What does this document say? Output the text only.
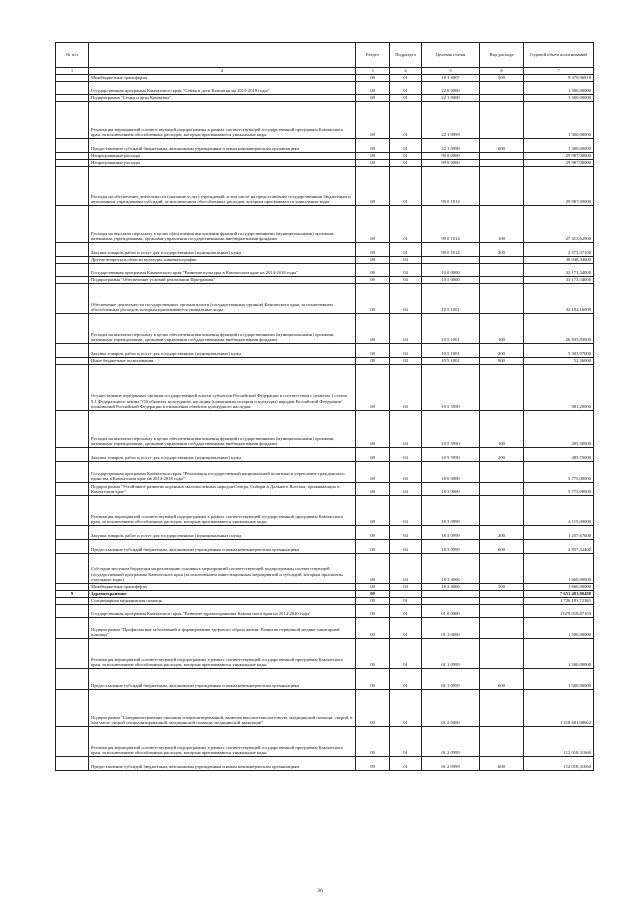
№ п/п		Раздел	Подраздел	Целевая статья	Вид расхода	Годовой объем ассигнований
1	2	3	4	5	6	7
	Межбюджетные трансферты	08	01	18 3 4007	500	9 379,96818
	Государственная программа Камчатского края "Семья и дети Камчатки на 2015-2018 годы"	08	01	22 0 0000		1 300,00000
	Подпрограмма "Семья и дети Камчатки"	08	01	22 1 0000		1 300,00000
	Реализация мероприятий соответствующей подпрограммы в рамках соответствующей государственной программы Камчатского края, за исключением обособленных расходов, которым присваиваются уникальные коды	08	01	22 1 0999		1 300,00000
	Предоставление субсидий бюджетным, автономным учреждениям и иным некоммерческим организациям	08	01	22 1 0999	600	1 300,00000
	Непрограммные расходы	08	01	99 0 0000		29 987,00000
	Непрограммные расходы	08	01	99 0 0000		29 987,00000
	Расходы на обеспечение деятельности (оказание услуг) учреждений, в том числе на предоставление государственным бюджетным и автономным учреждениям субсидий, за исключением обособленных расходов, которым присваиваются уникальные коды	08	01	99 0 1014		29 987,00000
	Расходы на выплаты персоналу в целях обеспечения выполнения функций государственными (муниципальными) органами, казенными учреждениями, органами управления государственными внебюджетными фондами	08	01	99 0 1014	100	27 413,62900
	Закупка товаров, работ и услуг для государственных (муниципальных) нужд	08	01	99 0 1014	200	2 573,37100
	Другие вопросы в области культуры, кинематографии	08	04			38 948,34000
	Государственная программа Камчатского края "Развитие культуры в Камчатском крае на 2014-2018 годы"	08	04	10 0 0000		33 173,34000
	Подпрограмма "Обеспечение условий реализации Программы"	08	04	10 5 0000		33 173,34000
	Обеспечение деятельности государственных органов власти (государственных органов) Камчатского края, за исключением обособленных расходов, которым присваиваются уникальные коды	08	04	10 5 1001		32 192,16000
	Расходы на выплаты персоналу в целях обеспечения выполнения функций государственными (муниципальными) органами, казенными учреждениями, органами управления государственными внебюджетными фондами	08	04	10 5 1001	100	26 835,83000
	Закупка товаров, работ и услуг для государственных (муниципальных) нужд	08	04	10 5 1001	200	5 303,97000
	Иные бюджетные ассигнования	08	04	10 5 1001	800	52,36000
	Осуществление переданных органам государственной власти субъектов Российской Федерации в соответствии с пунктом 1 статьи 9.1 Федерального закона "Об объектах культурного наследия (памятниках истории и культуры) народов Российской Федерации" полномочий Российской Федерации в отношении объектов культурного наследия	08	04	10 5 5950		981,20000
	Расходы на выплаты персоналу в целях обеспечения выполнения функций государственными (муниципальными) органами, казенными учреждениями, органами управления государственными внебюджетными фондами	08	04	10 5 5950	100	495,50000
	Закупка товаров, работ и услуг для государственных (муниципальных) нужд	08	04	10 5 5950	200	485,70000
	Государственная программа Камчатского края "Реализация государственной национальной политики и укрепление гражданского единства в Камчатском крае на 2014-2018 годы"	08	04	18 0 0000		5 775,00000
	Подпрограмма "Устойчивое развитие коренных малочисленных народов Севера, Сибири и Дальнего Востока, проживающих в Камчатском крае"	08	04	18 3 0000		5 775,00000
	Реализация мероприятий соответствующей подпрограммы в рамках соответствующей государственной программы Камчатского края, за исключением обособленных расходов, которым присваиваются уникальные коды	08	04	18 3 0999		4 115,00000
	Закупка товаров, работ и услуг для государственных (муниципальных) нужд	08	04	18 3 0999	200	1 257,67600
	Предоставление субсидий бюджетным, автономным учреждениям и иным некоммерческим организациям	08	04	18 3 0999	600	2 857,32400
	Субсидии местным бюджетам на реализацию основных мероприятий соответствующей подпрограммы соответствующей государственной программы Камчатского края (за исключением инвестиционных мероприятий и субсидий, которым присвоены отдельные коды)	08	04	18 3 4006		1 660,00000
	Межбюджетные трансферты	08	04	18 3 4006	500	1 660,00000
9	Здравоохранение	09				7 651 481,80488
	Стационарная медицинская помощь	09	01			1 726 181,72381
	Государственная программа Камчатского края "Развитие здравоохранения Камчатского края на 2014-2020 годы"	09	01	01 0 0000		1 679 018,87103
	Подпрограмма "Профилактика заболеваний и формирование здорового образа жизни. Развитие первичной медико-санитарной помощи"	09	01	01 1 0000		1 500,00000
	Реализация мероприятий соответствующей подпрограммы в рамках соответствующей государственной программы Камчатского края, за исключением обособленных расходов, которым присваиваются уникальные коды	09	01	01 1 0999		1 500,00000
	Предоставление субсидий бюджетным, автономным учреждениям и иным некоммерческим организациям	09	01	01 1 0999	600	1 500,00000
	Подпрограмма "Совершенствование оказания специализированной, включая высокотехнологичную, медицинской помощи, скорой, в том числе скорой специализированной, медицинской помощи, медицинской эвакуации"	09	01	01 2 0000		1 218 601,08662
	Реализация мероприятий соответствующей подпрограммы в рамках соответствующей государственной программы Камчатского края, за исключением обособленных расходов, которым присваиваются уникальные коды	09	01	01 2 0999		112 018,31660
	Предоставление субсидий бюджетным, автономным учреждениям и иным некоммерческим организациям	09	01	01 2 0999	600	112 018,31660
36
